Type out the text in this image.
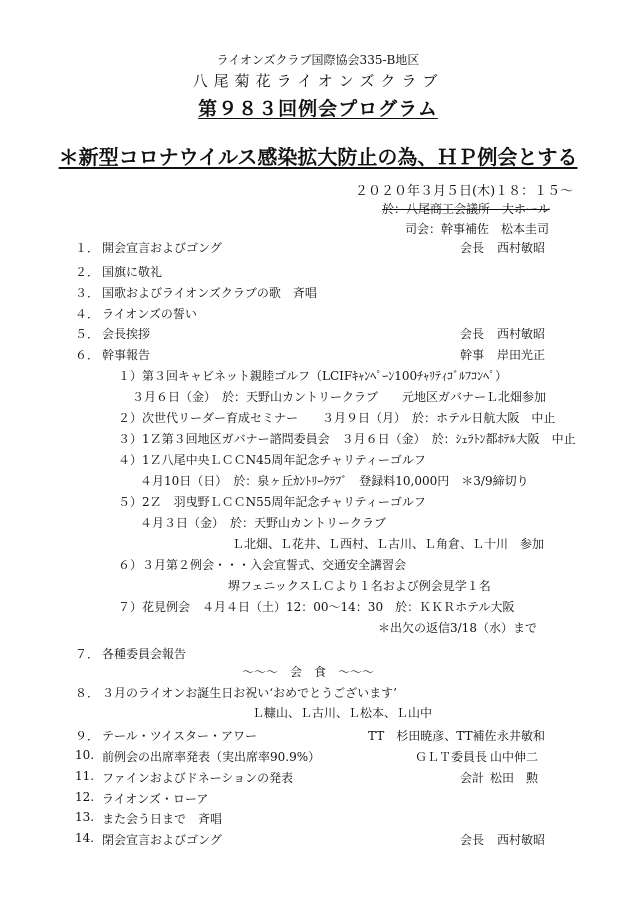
ライオンズクラブ国際協会335-B地区
八尾菊花ライオンズクラブ
第９８３回例会プログラム
＊新型コロナウイルス感染拡大防止の為、ＨＰ例会とする
２０２０年３月５日(木)１８：１５～
於：八尾商工会議所　大ホール
司会：幹事補佐　松本圭司
１． 開会宣言およびゴング	会長 西村敏昭
２． 国旗に敬礼
３． 国歌およびライオンズクラブの歌　斉唱
４． ライオンズの誓い
５． 会長挨拶	会長 西村敏昭
６． 幹事報告	幹事 岸田光正
１）第３回キャビネット親睦ゴルフ（LCIFｷｬﾝﾍﾟｰﾝ100ﾁｬﾘﾃｨｺﾞﾙﾌｺﾝﾍﾟ）
３月６日（金）　於：天野山カントリークラブ　　元地区ガバナーＬ北畑参加
２）次世代リーダー育成セミナー　　３月９日（月）　於：ホテル日航大阪　中止
３）1Ｚ第３回地区ガバナー諮問委員会　３月６日（金）　於：ｼｪﾗﾄﾝ都ﾎﾃﾙ大阪　中止
４）1Ｚ八尾中央ＬＣＣN45周年記念チャリティーゴルフ
４月10日（日）　於：泉ヶ丘ｶﾝﾄﾘｰｸﾗﾌﾞ　登録料10,000円　＊3/9締切り
５）2Ｚ　羽曳野ＬＣＣN55周年記念チャリティーゴルフ
４月３日（金）　於：天野山カントリークラブ
Ｌ北畑、Ｌ花井、Ｌ西村、Ｌ古川、Ｌ角倉、Ｌ十川　参加
６）３月第２例会・・・入会宣誓式、交通安全講習会
堺フェニックスＬＣより１名および例会見学１名
７）花見例会　４月４日（土）12：00～14：30　於：ＫＫＲホテル大阪
＊出欠の返信3/18（水）まで
７． 各種委員会報告
～～～　会　食　～～～
８． ３月のライオンお誕生日お祝い‘おめでとうございます’
Ｌ糠山、Ｌ古川、Ｌ松本、Ｌ山中
９． テール・ツイスター・アワー	TT　杉田暁彦、TT補佐 永井敏和
10. 前例会の出席率発表（実出席率90.9%）	ＧＬＴ委員長 山中伸二
11. ファインおよびドネーションの発表	会計 松田　勲
12. ライオンズ・ローア
13. また会う日まで　斉唱
14. 閉会宣言およびゴング	会長 西村敏昭
